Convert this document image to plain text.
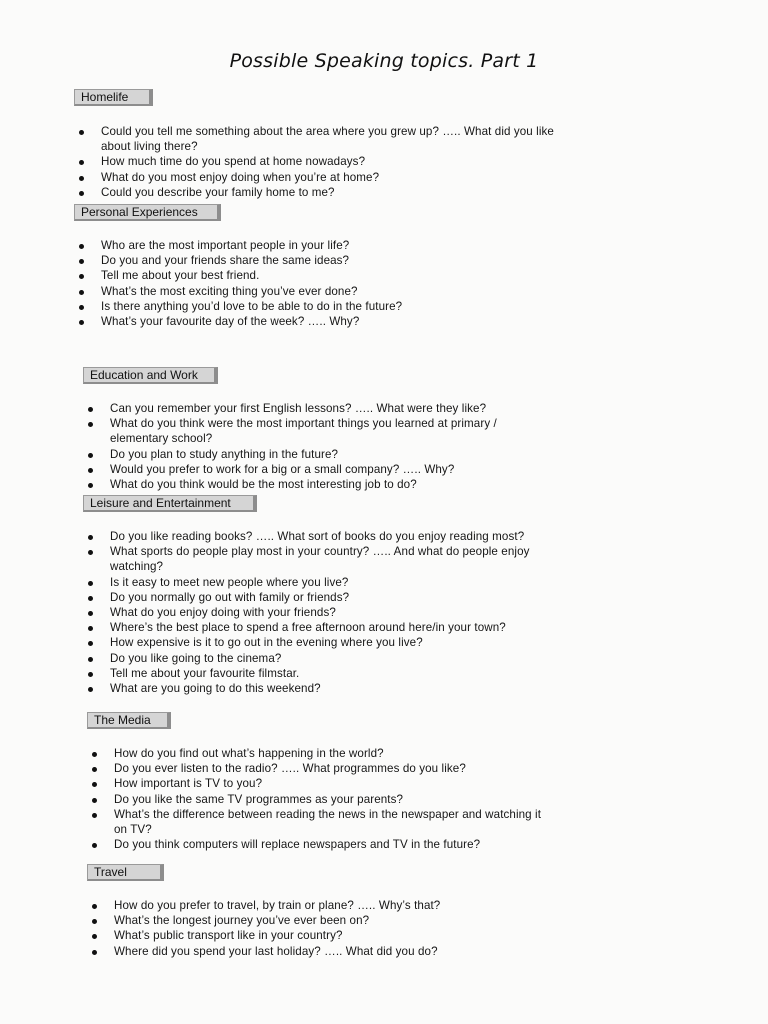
Possible Speaking topics. Part 1
Homelife
Could you tell me something about the area where you grew up? ….. What did you like about living there?
How much time do you spend at home nowadays?
What do you most enjoy doing when you’re at home?
Could you describe your family home to me?
Personal Experiences
Who are the most important people in your life?
Do you and your friends share the same ideas?
Tell me about your best friend.
What’s the most exciting thing you’ve ever done?
Is there anything you’d love to be able to do in the future?
What’s your favourite day of the week? ….. Why?
Education and Work
Can you remember your first English lessons? ….. What were they like?
What do you think were the most important things you learned at primary / elementary school?
Do you plan to study anything in the future?
Would you prefer to work for a big or a small company? ….. Why?
What do you think would be the most interesting job to do?
Leisure and Entertainment
Do you like reading books? ….. What sort of books do you enjoy reading most?
What sports do people play most in your country? ….. And what do people enjoy watching?
Is it easy to meet new people where you live?
Do you normally go out with family or friends?
What do you enjoy doing with your friends?
Where’s the best place to spend a free afternoon around here/in your town?
How expensive is it to go out in the evening where you live?
Do you like going to the cinema?
Tell me about your favourite filmstar.
What are you going to do this weekend?
The Media
How do you find out what’s happening in the world?
Do you ever listen to the radio? ….. What programmes do you like?
How important is TV to you?
Do you like the same TV programmes as your parents?
What’s the difference between reading the news in the newspaper and watching it on TV?
Do you think computers will replace newspapers and TV in the future?
Travel
How do you prefer to travel, by train or plane? ….. Why’s that?
What’s the longest journey you’ve ever been on?
What’s public transport like in your country?
Where did you spend your last holiday? ….. What did you do?
